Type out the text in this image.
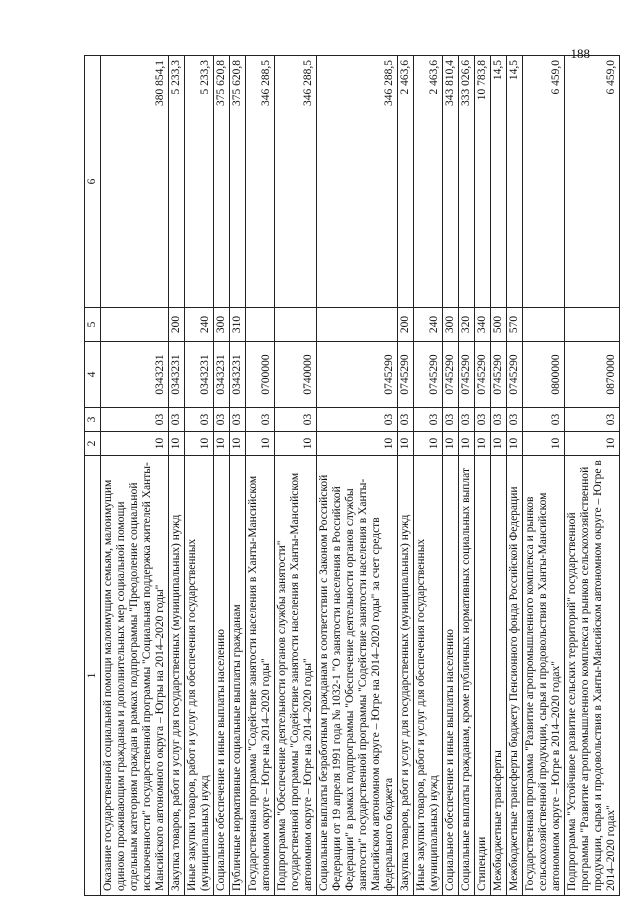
188
1	2	3	4	5	6
Оказание государственной социальной помощи малоимущим семьям, малоимущим одиноко проживающим гражданам и дополнительных мер социальной помощи отдельным категориям граждан в рамках подпрограммы "Преодоление социальной исключенности" государственной программы "Социальная поддержка жителей Ханты-Мансийского автономного округа – Югры на 2014–2020 годы"	10	03	0343231		380 854,1
Закупка товаров, работ и услуг для государственных (муниципальных) нужд	10	03	0343231	200	5 233,3
Иные закупки товаров, работ и услуг для обеспечения государственных (муниципальных) нужд	10	03	0343231	240	5 233,3
Социальное обеспечение и иные выплаты населению	10	03	0343231	300	375 620,8
Публичные нормативные социальные выплаты гражданам	10	03	0343231	310	375 620,8
Государственная программа "Содействие занятости населения в Ханты-Мансийском автономном округе – Югре на 2014–2020 годы"	10	03	0700000		346 288,5
Подпрограмма "Обеспечение деятельности органов службы занятости" государственной программы "Содействие занятости населения в Ханты-Мансийском автономном округе – Югре на 2014–2020 годы"	10	03	0740000		346 288,5
Социальные выплаты безработным гражданам в соответствии с Законом Российской Федерации от 19 апреля 1991 года № 1032-1 "О занятости населения в Российской Федерации" в рамках подпрограммы "Обеспечение деятельности органов службы занятости" государственной программы "Содействие занятости населения в Ханты-Мансийском автономном округе – Югре на 2014–2020 годы" за счет средств федерального бюджета	10	03	0745290		346 288,5
Закупка товаров, работ и услуг для государственных (муниципальных) нужд	10	03	0745290	200	2 463,6
Иные закупки товаров, работ и услуг для обеспечения государственных (муниципальных) нужд	10	03	0745290	240	2 463,6
Социальное обеспечение и иные выплаты населению	10	03	0745290	300	343 810,4
Социальные выплаты гражданам, кроме публичных нормативных социальных выплат	10	03	0745290	320	333 026,6
Стипендии	10	03	0745290	340	10 783,8
Межбюджетные трансферты	10	03	0745290	500	14,5
Межбюджетные трансферты бюджету Пенсионного фонда Российской Федерации	10	03	0745290	570	14,5
Государственная программа "Развитие агропромышленного комплекса и рынков сельскохозяйственной продукции, сырья и продовольствия в Ханты-Мансийском автономном округе – Югре в 2014–2020 годах"	10	03	0800000		6 459,0
Подпрограмма "Устойчивое развитие сельских территорий" государственной программы "Развитие агропромышленного комплекса и рынков сельскохозяйственной продукции, сырья и продовольствия в Ханты-Мансийском автономном округе – Югре в 2014–2020 годах"	10	03	0870000		6 459,0
